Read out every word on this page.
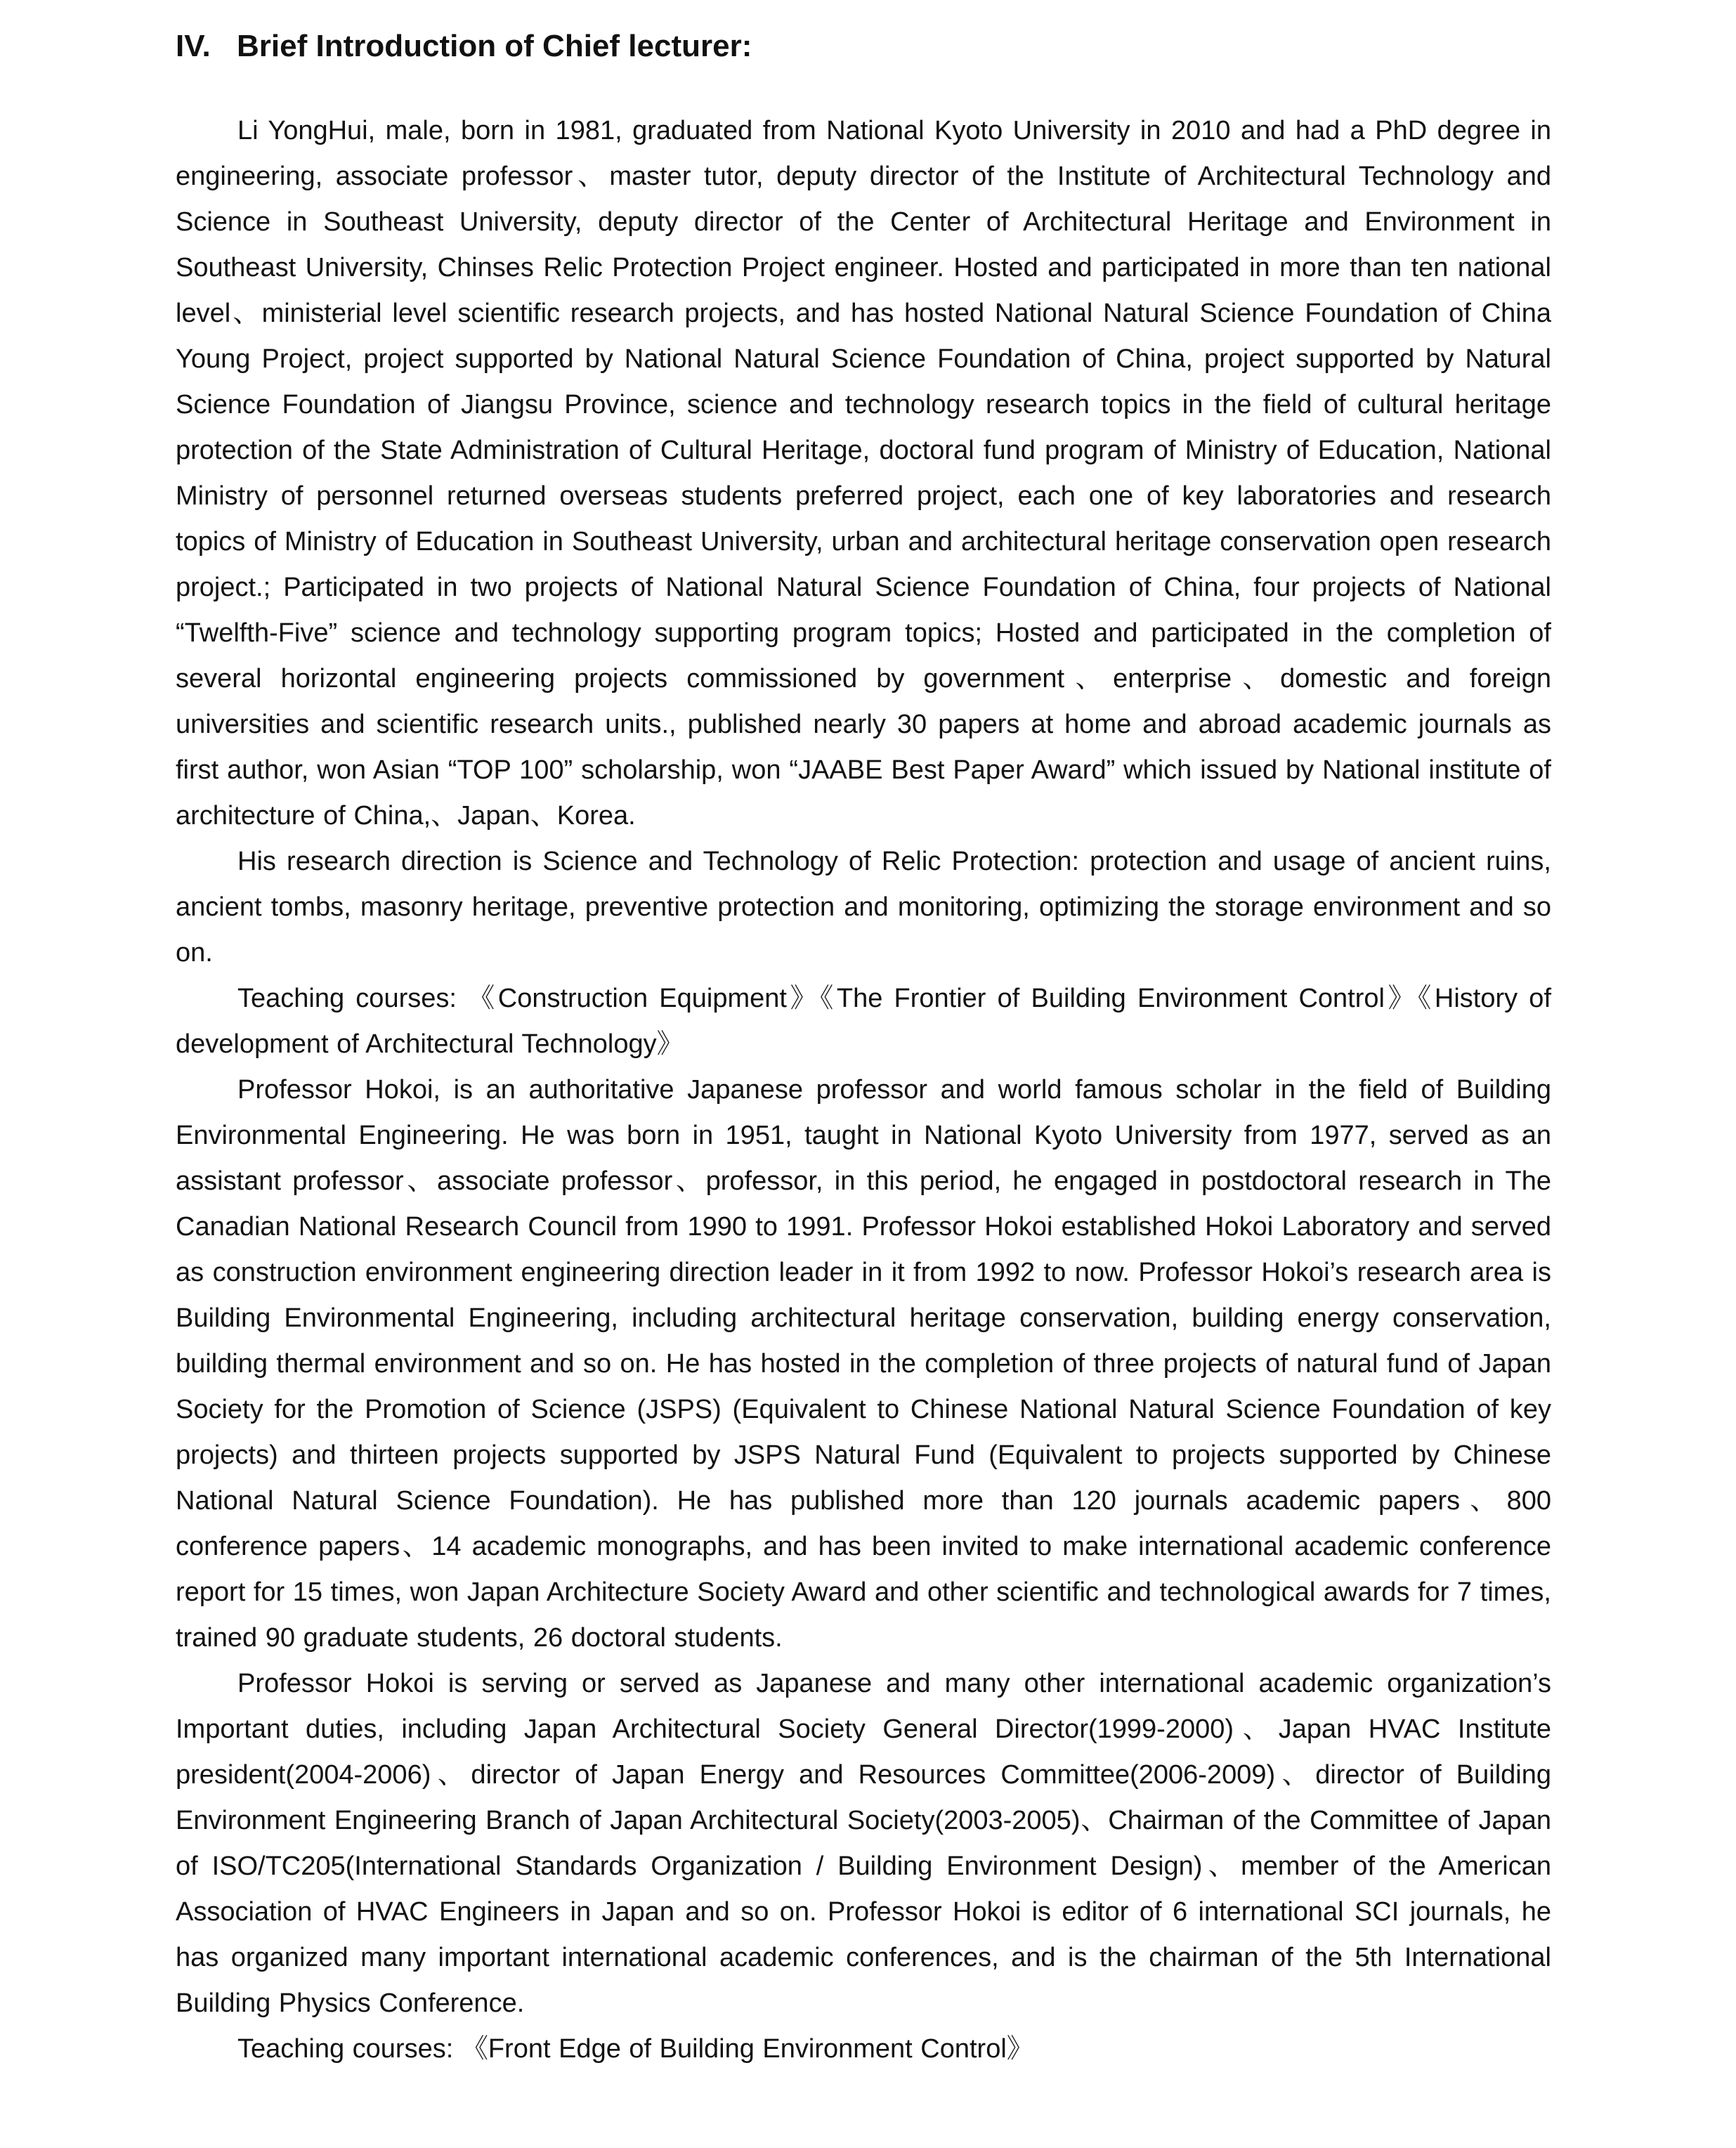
IV. Brief Introduction of Chief lecturer:

Li YongHui, male, born in 1981, graduated from National Kyoto University in 2010 and had a PhD degree in engineering, associate professor、master tutor, deputy director of the Institute of Architectural Technology and Science in Southeast University, deputy director of the Center of Architectural Heritage and Environment in Southeast University, Chinses Relic Protection Project engineer. Hosted and participated in more than ten national level、ministerial level scientific research projects, and has hosted National Natural Science Foundation of China Young Project, project supported by National Natural Science Foundation of China, project supported by Natural Science Foundation of Jiangsu Province, science and technology research topics in the field of cultural heritage protection of the State Administration of Cultural Heritage, doctoral fund program of Ministry of Education, National Ministry of personnel returned overseas students preferred project, each one of key laboratories and research topics of Ministry of Education in Southeast University, urban and architectural heritage conservation open research project.; Participated in two projects of National Natural Science Foundation of China, four projects of National “Twelfth-Five” science and technology supporting program topics; Hosted and participated in the completion of several horizontal engineering projects commissioned by government、enterprise、domestic and foreign universities and scientific research units., published nearly 30 papers at home and abroad academic journals as first author, won Asian “TOP 100” scholarship, won “JAABE Best Paper Award” which issued by National institute of architecture of China,、Japan、Korea.

His research direction is Science and Technology of Relic Protection: protection and usage of ancient ruins, ancient tombs, masonry heritage, preventive protection and monitoring, optimizing the storage environment and so on.

Teaching courses: 《Construction Equipment》《The Frontier of Building Environment Control》《History of development of Architectural Technology》

Professor Hokoi, is an authoritative Japanese professor and world famous scholar in the field of Building Environmental Engineering. He was born in 1951, taught in National Kyoto University from 1977, served as an assistant professor、associate professor、professor, in this period, he engaged in postdoctoral research in The Canadian National Research Council from 1990 to 1991. Professor Hokoi established Hokoi Laboratory and served as construction environment engineering direction leader in it from 1992 to now. Professor Hokoi’s research area is Building Environmental Engineering, including architectural heritage conservation, building energy conservation, building thermal environment and so on. He has hosted in the completion of three projects of natural fund of Japan Society for the Promotion of Science (JSPS) (Equivalent to Chinese National Natural Science Foundation of key projects) and thirteen projects supported by JSPS Natural Fund (Equivalent to projects supported by Chinese National Natural Science Foundation). He has published more than 120 journals academic papers、800 conference papers、14 academic monographs, and has been invited to make international academic conference report for 15 times, won Japan Architecture Society Award and other scientific and technological awards for 7 times, trained 90 graduate students, 26 doctoral students.

Professor Hokoi is serving or served as Japanese and many other international academic organization’s Important duties, including Japan Architectural Society General Director(1999-2000)、Japan HVAC Institute president(2004-2006)、director of Japan Energy and Resources Committee(2006-2009)、director of Building Environment Engineering Branch of Japan Architectural Society(2003-2005)、Chairman of the Committee of Japan of ISO/TC205(International Standards Organization / Building Environment Design)、member of the American Association of HVAC Engineers in Japan and so on. Professor Hokoi is editor of 6 international SCI journals, he has organized many important international academic conferences, and is the chairman of the 5th International Building Physics Conference.

Teaching courses: 《Front Edge of Building Environment Control》
